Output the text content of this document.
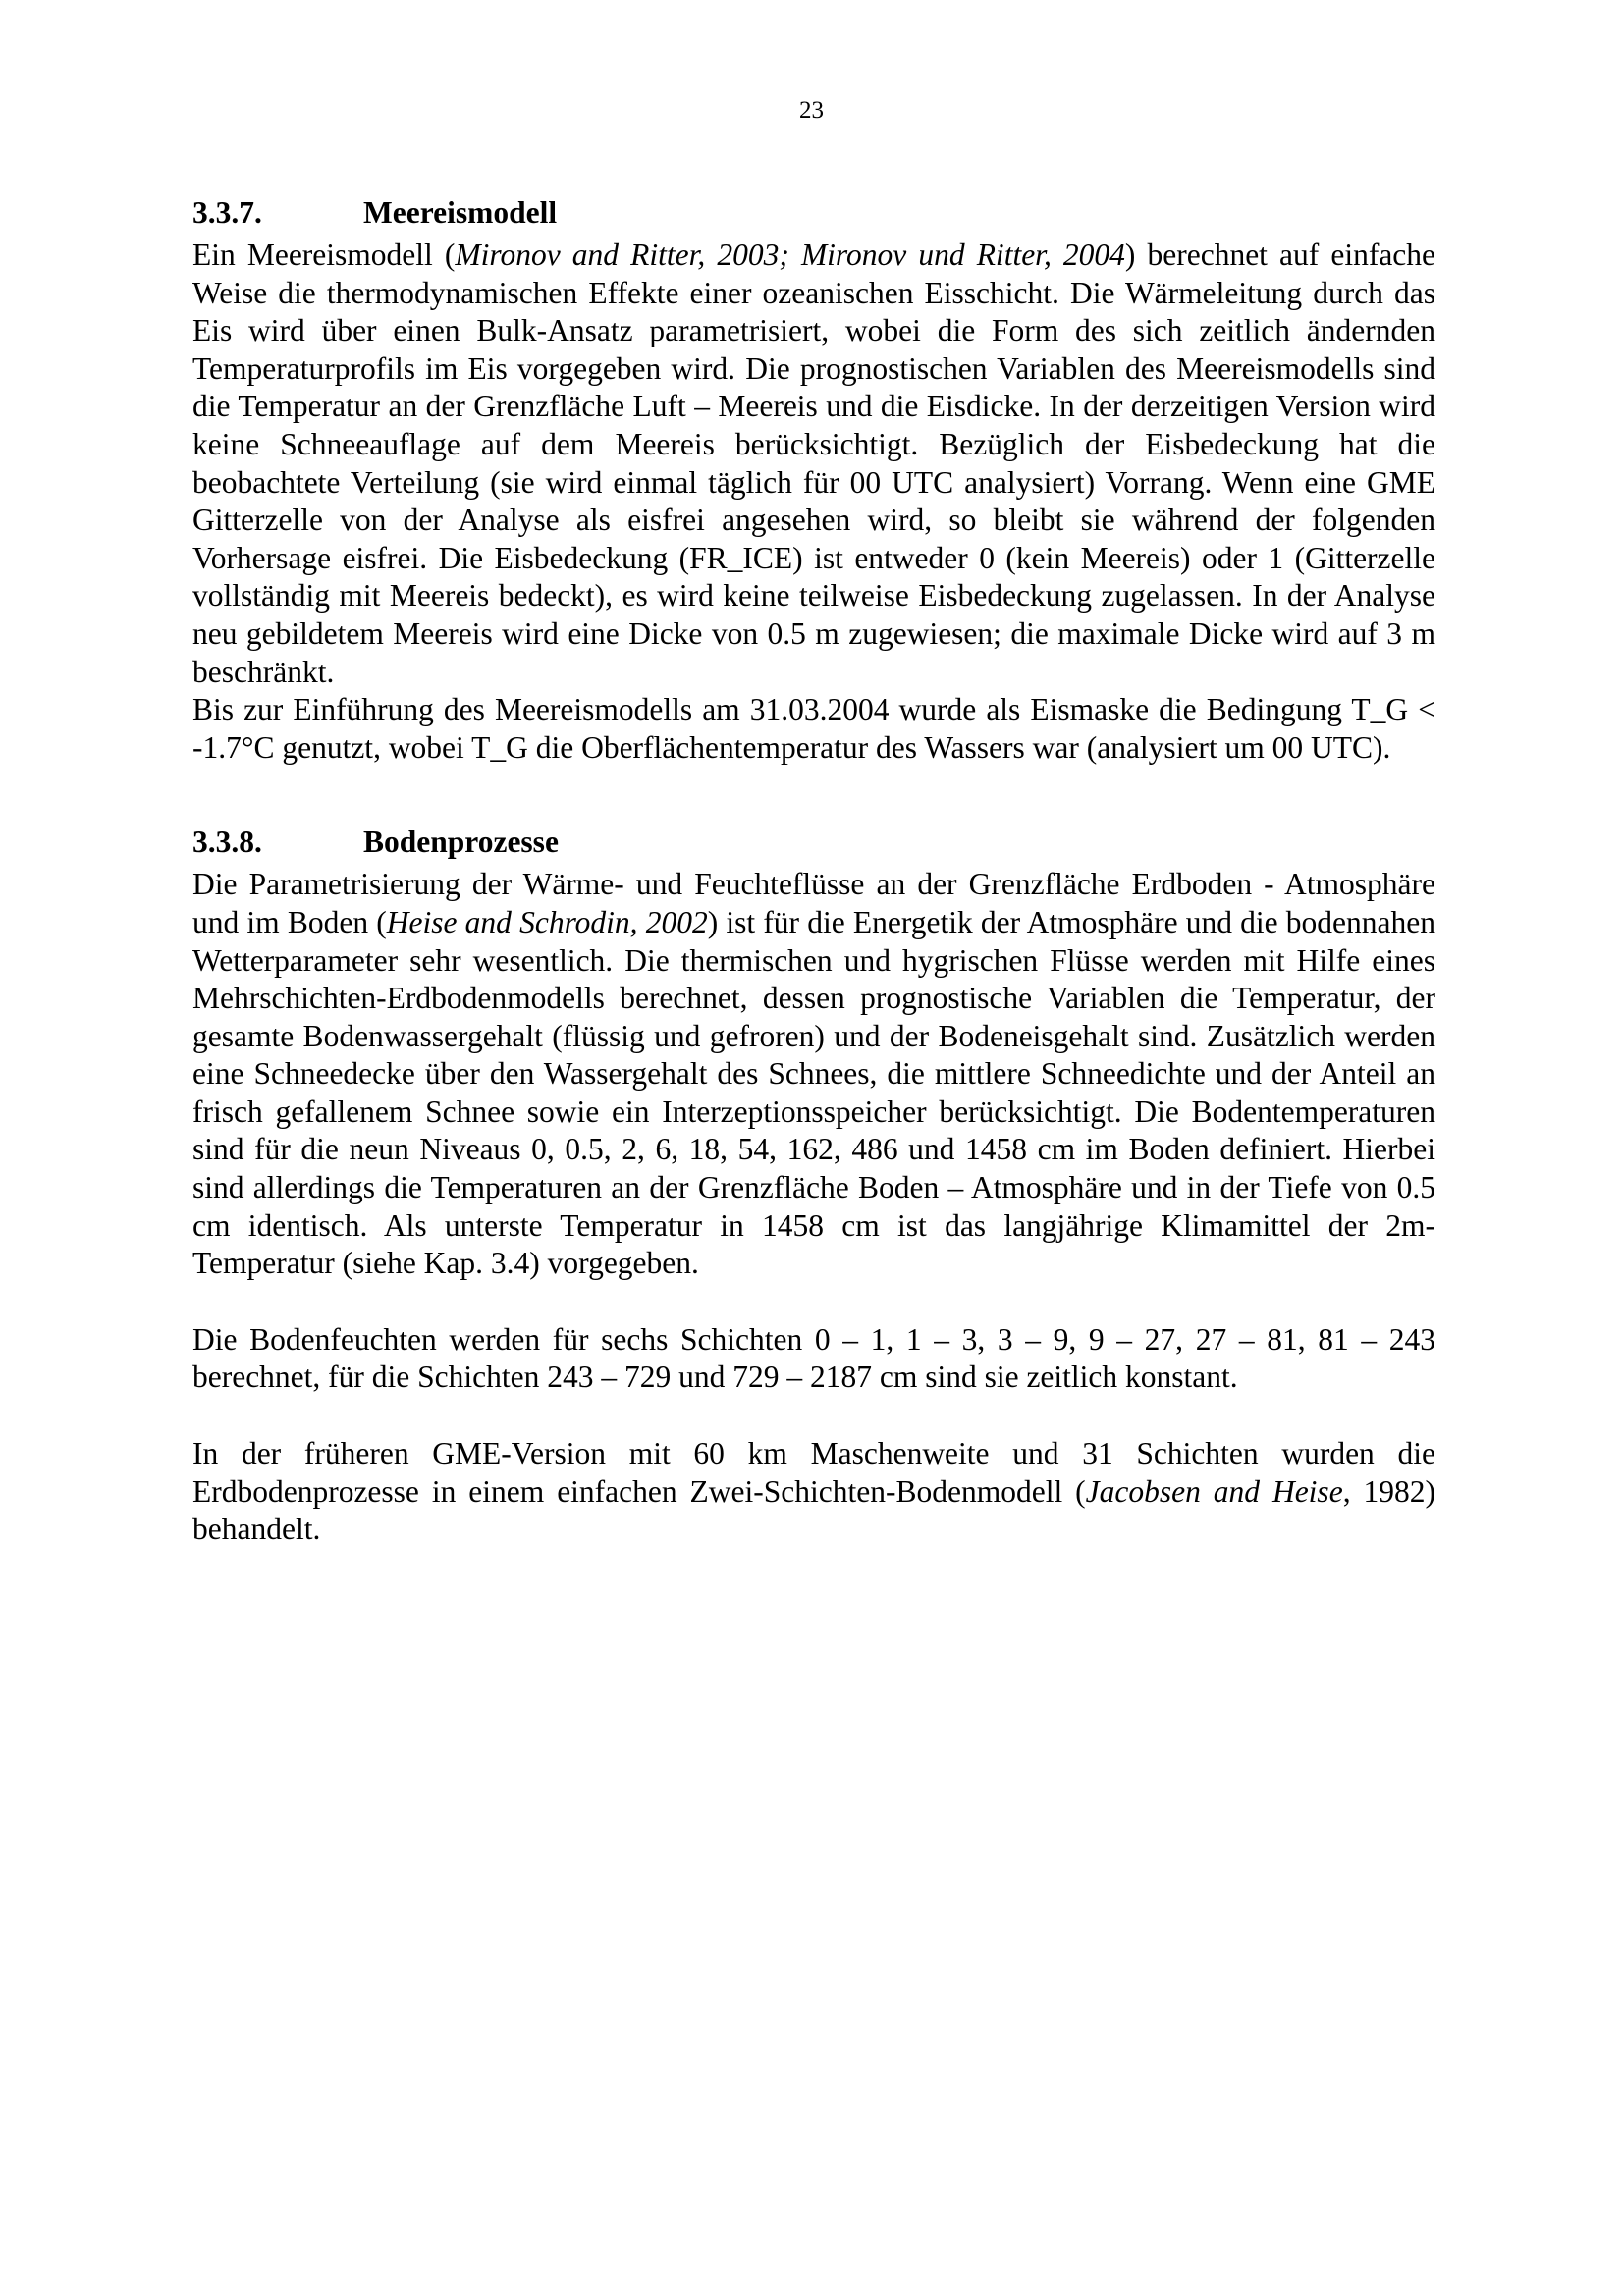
23
3.3.7.	Meereismodell

Ein Meereismodell (Mironov and Ritter, 2003; Mironov und Ritter, 2004) berechnet auf einfache Weise die thermodynamischen Effekte einer ozeanischen Eisschicht. Die Wärmeleitung durch das Eis wird über einen Bulk-Ansatz parametrisiert, wobei die Form des sich zeitlich ändernden Temperaturprofils im Eis vorgegeben wird. Die prognostischen Variablen des Meereismodells sind die Temperatur an der Grenzfläche Luft – Meereis und die Eisdicke. In der derzeitigen Version wird keine Schneeauflage auf dem Meereis berücksichtigt. Bezüglich der Eisbedeckung hat die beobachtete Verteilung (sie wird einmal täglich für 00 UTC analysiert) Vorrang. Wenn eine GME Gitterzelle von der Analyse als eisfrei angesehen wird, so bleibt sie während der folgenden Vorhersage eisfrei. Die Eisbedeckung (FR_ICE) ist entweder 0 (kein Meereis) oder 1 (Gitterzelle vollständig mit Meereis bedeckt), es wird keine teilweise Eisbedeckung zugelassen. In der Analyse neu gebildetem Meereis wird eine Dicke von 0.5 m zugewiesen; die maximale Dicke wird auf 3 m beschränkt.

Bis zur Einführung des Meereismodells am 31.03.2004 wurde als Eismaske die Bedingung T_G < -1.7°C genutzt, wobei T_G die Oberflächentemperatur des Wassers war (analysiert um 00 UTC).

3.3.8.	Bodenprozesse

Die Parametrisierung der Wärme- und Feuchteflüsse an der Grenzfläche Erdboden - Atmosphäre und im Boden (Heise and Schrodin, 2002) ist für die Energetik der Atmosphäre und die bodennahen Wetterparameter sehr wesentlich. Die thermischen und hygrischen Flüsse werden mit Hilfe eines Mehrschichten-Erdbodenmodells berechnet, dessen prognostische Variablen die Temperatur, der gesamte Bodenwassergehalt (flüssig und gefroren) und der Bodeneisgehalt sind. Zusätzlich werden eine Schneedecke über den Wassergehalt des Schnees, die mittlere Schneedichte und der Anteil an frisch gefallenem Schnee sowie ein Interzeptionsspeicher berücksichtigt. Die Bodentemperaturen sind für die neun Niveaus 0, 0.5, 2, 6, 18, 54, 162, 486 und 1458 cm im Boden definiert. Hierbei sind allerdings die Temperaturen an der Grenzfläche Boden – Atmosphäre und in der Tiefe von 0.5 cm identisch. Als unterste Temperatur in 1458 cm ist das langjährige Klimamittel der 2m-Temperatur (siehe Kap. 3.4) vorgegeben.

Die Bodenfeuchten werden für sechs Schichten 0 – 1, 1 – 3, 3 – 9, 9 – 27, 27 – 81, 81 – 243 berechnet, für die Schichten 243 – 729 und 729 – 2187 cm sind sie zeitlich konstant.

In der früheren GME-Version mit 60 km Maschenweite und 31 Schichten wurden die Erdbodenprozesse in einem einfachen Zwei-Schichten-Bodenmodell (Jacobsen and Heise, 1982) behandelt.
